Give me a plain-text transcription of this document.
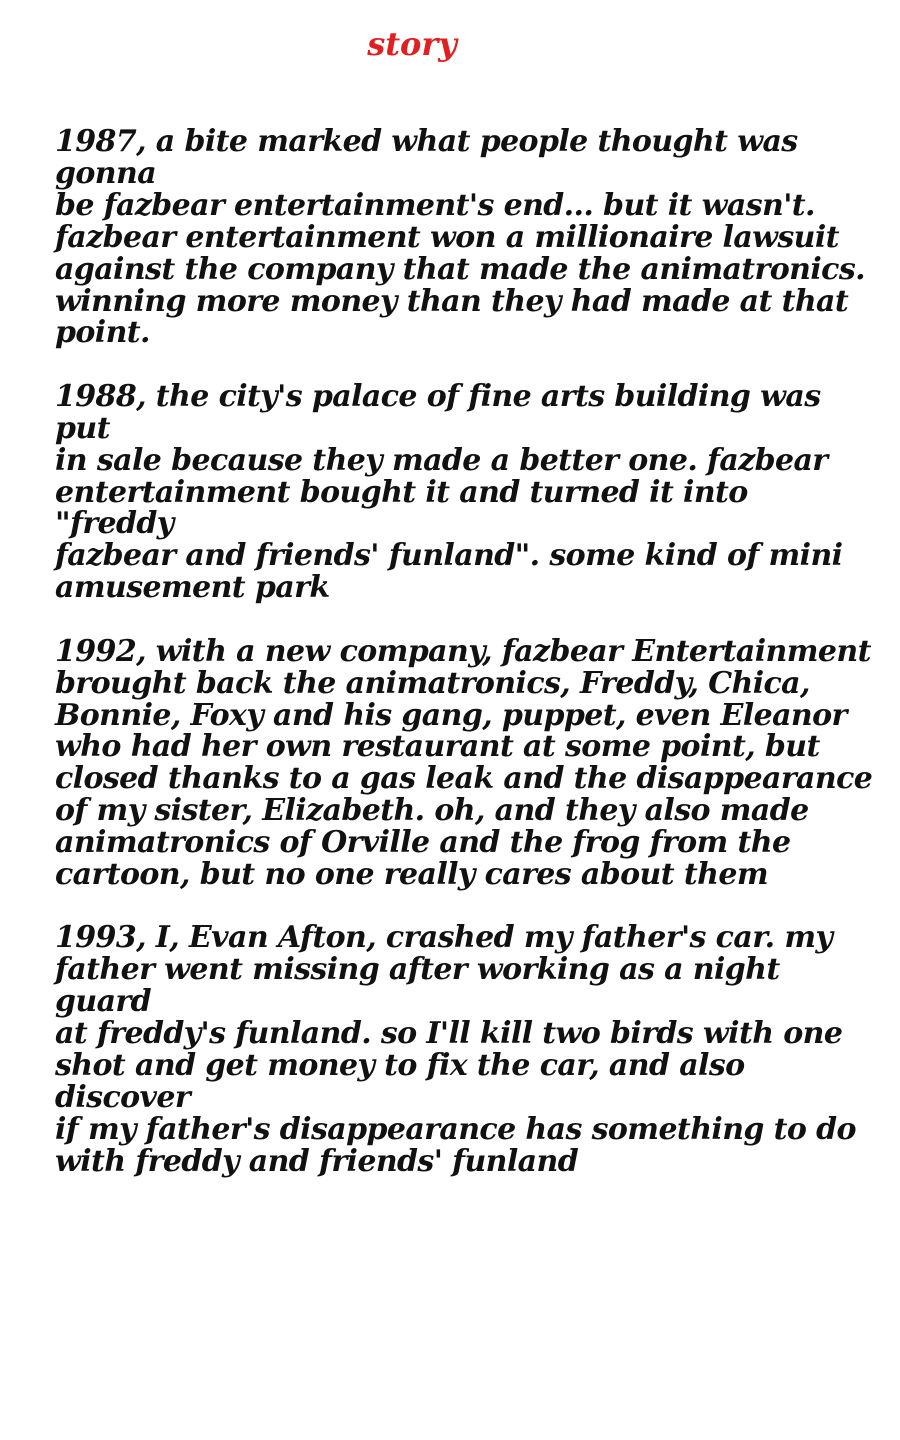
story

1987, a bite marked what people thought was gonna
be fazbear entertainment's end... but it wasn't.
fazbear entertainment won a millionaire lawsuit
against the company that made the animatronics.
winning more money than they had made at that
point.

1988, the city's palace of fine arts building was put
in sale because they made a better one. fazbear
entertainment bought it and turned it into "freddy
fazbear and friends' funland". some kind of mini
amusement park

1992, with a new company, fazbear Entertainment
brought back the animatronics, Freddy, Chica,
Bonnie, Foxy and his gang, puppet, even Eleanor
who had her own restaurant at some point, but
closed thanks to a gas leak and the disappearance
of my sister, Elizabeth. oh, and they also made
animatronics of Orville and the frog from the
cartoon, but no one really cares about them

1993, I, Evan Afton, crashed my father's car. my
father went missing after working as a night guard
at freddy's funland. so I'll kill two birds with one
shot and get money to fix the car, and also discover
if my father's disappearance has something to do
with freddy and friends' funland
